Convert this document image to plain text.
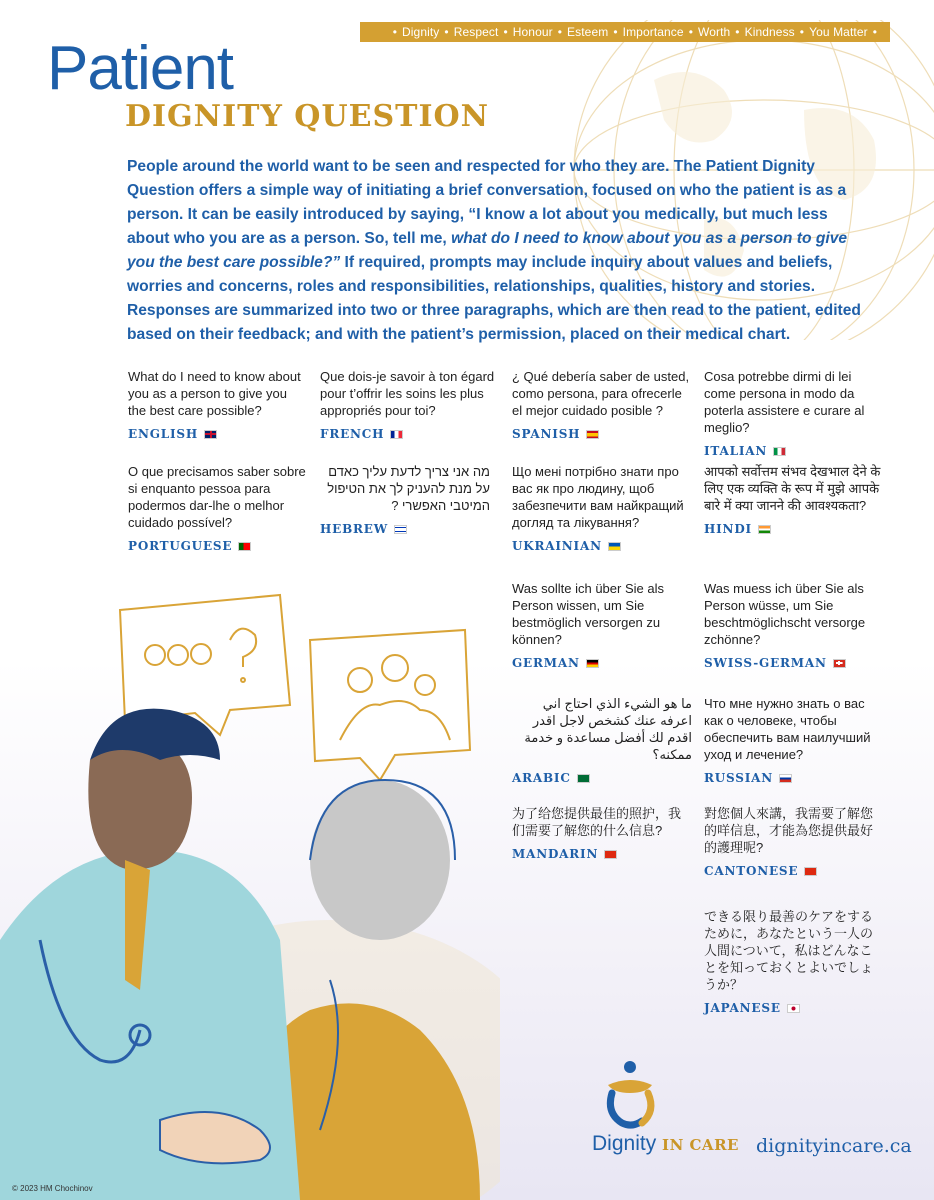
• Dignity • Respect • Honour • Esteem • Importance • Worth • Kindness • You Matter •
Patient
DIGNITY QUESTION

People around the world want to be seen and respected for who they are. The Patient Dignity Question offers a simple way of initiating a brief conversation, focused on who the patient is as a person. It can be easily introduced by saying, “I know a lot about you medically, but much less about who you are as a person. So, tell me, what do I need to know about you as a person to give you the best care possible?” If required, prompts may include inquiry about values and beliefs, worries and concerns, roles and responsibilities, relationships, qualities, history and stories. Responses are summarized into two or three paragraphs, which are then read to the patient, edited based on their feedback; and with the patient’s permission, placed on their medical chart.

What do I need to know about you as a person to give you the best care possible?
ENGLISH
Que dois-je savoir à ton égard pour t’offrir les soins les plus appropriés pour toi?
FRENCH
¿ Qué debería saber de usted, como persona, para ofrecerle el mejor cuidado posible ?
SPANISH
Cosa potrebbe dirmi di lei come persona in modo da poterla assistere e curare al meglio?
ITALIAN
O que precisamos saber sobre si enquanto pessoa para podermos dar-lhe o melhor cuidado possível?
PORTUGUESE
מה אני צריך לדעת עליך כאדם על מנת להעניק לך את הטיפול המיטבי האפשרי ?
HEBREW
Що мені потрібно знати про вас як про людину, щоб забезпечити вам найкращий догляд та лікування?
UKRAINIAN
आपको सर्वोत्तम संभव देखभाल देने के लिए एक व्यक्ति के रूप में मुझे आपके बारे में क्या जानने की आवश्यकता?
HINDI
Was sollte ich über Sie als Person wissen, um Sie bestmöglich versorgen zu können?
GERMAN
Was muess ich über Sie als Person wüsse, um Sie beschtmöglichscht versorge zchönne?
SWISS-GERMAN
ما هو الشيء الذي احتاج اني اعرفه عنك كشخص لاجل اقدر اقدم لك أفضل مساعدة و خدمة ممكنه؟
ARABIC
Что мне нужно знать о вас как о человеке, чтобы обеспечить вам наилучший уход и лечение?
RUSSIAN
为了给您提供最佳的照护，我们需要了解您的什么信息?
MANDARIN
對您個人來講，我需要了解您的咩信息，才能為您提供最好的護理呢?
CANTONESE
できる限り最善のケアをするために，あなたという一人の人間について，私はどんなことを知っておくとよいでしょうか？
JAPANESE
Dignity IN CARE dignityincare.ca
© 2023 HM Chochinov
